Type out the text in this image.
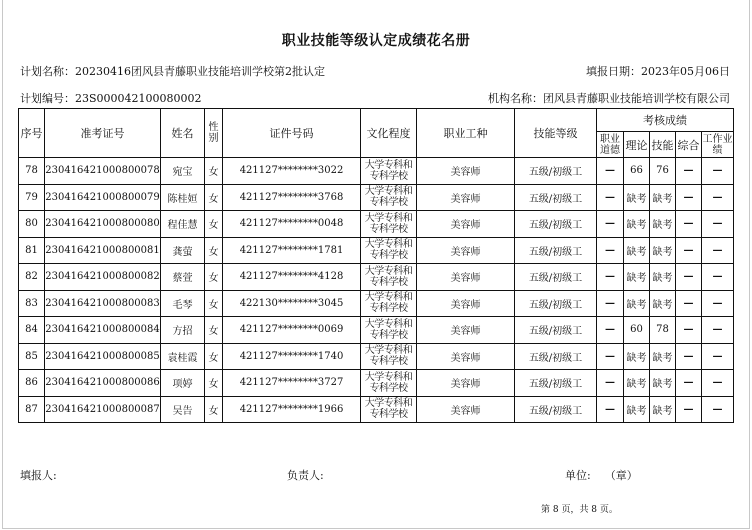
职业技能等级认定成绩花名册
计划名称：20230416团风县青藤职业技能培训学校第2批认定	填报日期：2023年05月06日
计划编号：23S000042100080002	机构名称：团风县青藤职业技能培训学校有限公司
序号	准考证号	姓名	性别	证件号码	文化程度	职业工种	技能等级	考核成绩				
								职业道德	理论	技能	综合	工作业绩
78	230416421000800078	宛宝	女	421127********3022	大学专科和专科学校	美容师	五级/初级工	—	66	76	—	—
79	230416421000800079	陈桂姮	女	421127********3768	大学专科和专科学校	美容师	五级/初级工	—	缺考	缺考	—	—
80	230416421000800080	程佳慧	女	421127********0048	大学专科和专科学校	美容师	五级/初级工	—	缺考	缺考	—	—
81	230416421000800081	龚萤	女	421127********1781	大学专科和专科学校	美容师	五级/初级工	—	缺考	缺考	—	—
82	230416421000800082	蔡萱	女	421127********4128	大学专科和专科学校	美容师	五级/初级工	—	缺考	缺考	—	—
83	230416421000800083	毛琴	女	422130********3045	大学专科和专科学校	美容师	五级/初级工	—	缺考	缺考	—	—
84	230416421000800084	方招	女	421127********0069	大学专科和专科学校	美容师	五级/初级工	—	60	78	—	—
85	230416421000800085	袁桂霞	女	421127********1740	大学专科和专科学校	美容师	五级/初级工	—	缺考	缺考	—	—
86	230416421000800086	项婷	女	421127********3727	大学专科和专科学校	美容师	五级/初级工	—	缺考	缺考	—	—
87	230416421000800087	吴告	女	421127********1966	大学专科和专科学校	美容师	五级/初级工	—	缺考	缺考	—	—
填报人:	负责人:	单位:    （章）
第 8 页，共 8 页。
